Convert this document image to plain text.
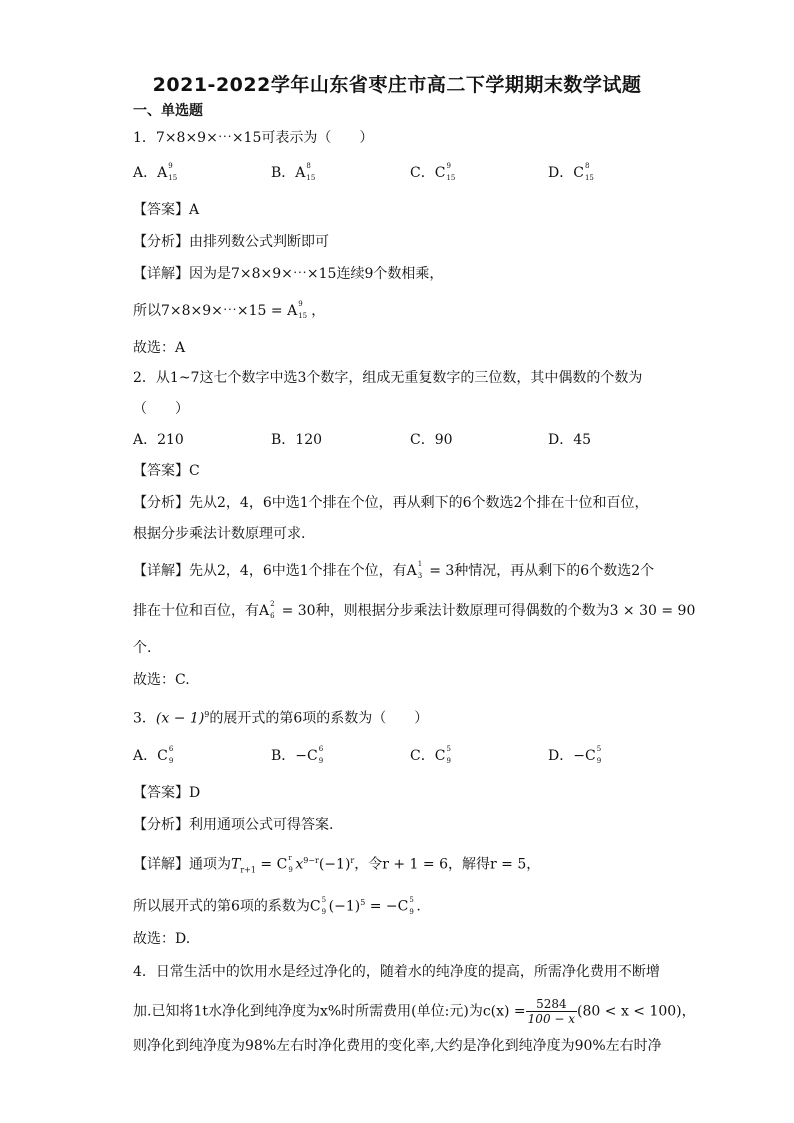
2021-2022学年山东省枣庄市高二下学期期末数学试题
一、单选题
1．7×8×9×⋯×15可表示为（　　）
A．A 9
15	B．A 8
15	C．C 9
15	D．C 8
15
【答案】A
【分析】由排列数公式判断即可
【详解】因为是7×8×9×⋯×15连续9个数相乘，
所以7×8×9×⋯×15 = A 9
15 ，
故选：A
2．从1~7这七个数字中选3个数字，组成无重复数字的三位数，其中偶数的个数为
（　　）
A．210	B．120	C．90	D．45
【答案】C
【分析】先从2，4，6中选1个排在个位，再从剩下的6个数选2个排在十位和百位，
根据分步乘法计数原理可求.
【详解】先从2，4，6中选1个排在个位，有A 1
3 = 3种情况，再从剩下的6个数选2个
排在十位和百位，有A 2
6 = 30种，则根据分步乘法计数原理可得偶数的个数为3 × 30 = 90
个.
故选：C.
3．$(x - 1)^9$的展开式的第6项的系数为（　　）
A．C 6
9	B．−C 6
9	C．C 5
9	D．−C 5
9
【答案】D
【分析】利用通项公式可得答案.
【详解】通项为$T_{r+1} = C$ r
9 $x^{9-r}(-1)^r$，令r + 1 = 6，解得r = 5，
所以展开式的第6项的系数为C 5
9 $(-1)^5 = -C$ 5
9 .
故选：D.
4．日常生活中的饮用水是经过净化的，随着水的纯净度的提高，所需净化费用不断增
加.已知将1t水净化到纯净度为x%时所需费用(单位:元)为$c(x) = \frac{5284}{100 - x} (80 < x < 100)$，
则净化到纯净度为98%左右时净化费用的变化率,大约是净化到纯净度为90%左右时净
